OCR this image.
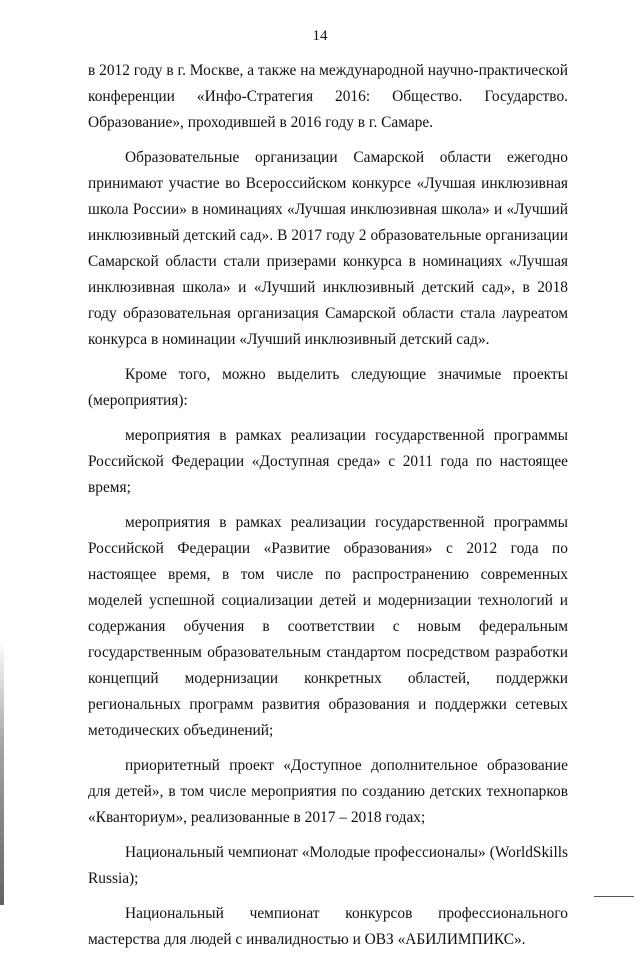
14

в 2012 году в г. Москве, а также на международной научно-практической конференции «Инфо-Стратегия 2016: Общество. Государство. Образование», проходившей в 2016 году в г. Самаре.

Образовательные организации Самарской области ежегодно принимают участие во Всероссийском конкурсе «Лучшая инклюзивная школа России» в номинациях «Лучшая инклюзивная школа» и «Лучший инклюзивный детский сад». В 2017 году 2 образовательные организации Самарской области стали призерами конкурса в номинациях «Лучшая инклюзивная школа» и «Лучший инклюзивный детский сад», в 2018 году образовательная организация Самарской области стала лауреатом конкурса в номинации «Лучший инклюзивный детский сад».

Кроме того, можно выделить следующие значимые проекты (мероприятия):

мероприятия в рамках реализации государственной программы Российской Федерации «Доступная среда» с 2011 года по настоящее время;

мероприятия в рамках реализации государственной программы Российской Федерации «Развитие образования» с 2012 года по настоящее время, в том числе по распространению современных моделей успешной социализации детей и модернизации технологий и содержания обучения в соответствии с новым федеральным государственным образовательным стандартом посредством разработки концепций модернизации конкретных областей, поддержки региональных программ развития образования и поддержки сетевых методических объединений;

приоритетный проект «Доступное дополнительное образование для детей», в том числе мероприятия по созданию детских технопарков «Кванториум», реализованные в 2017 – 2018 годах;

Национальный чемпионат «Молодые профессионалы» (WorldSkills Russia);

Национальный чемпионат конкурсов профессионального мастерства для людей с инвалидностью и ОВЗ «АБИЛИМПИКС».
